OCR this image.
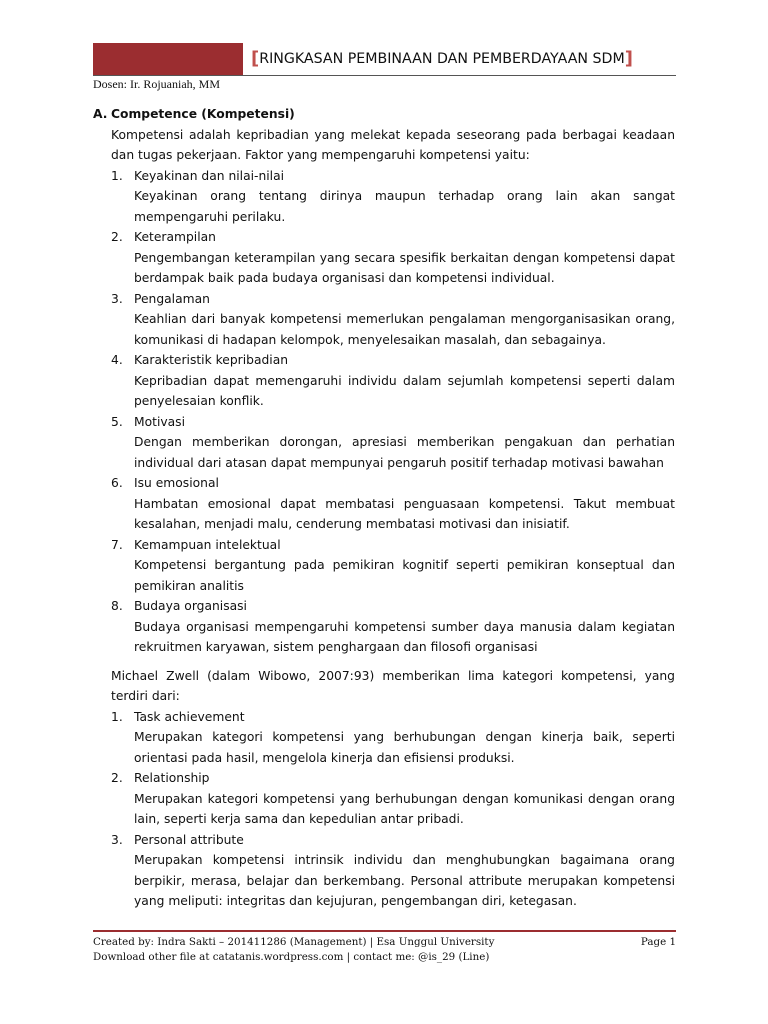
[RINGKASAN PEMBINAAN DAN PEMBERDAYAAN SDM]
Dosen: Ir. Rojuaniah, MM
A. Competence (Kompetensi)
Kompetensi adalah kepribadian yang melekat kepada seseorang pada berbagai keadaan dan tugas pekerjaan. Faktor yang mempengaruhi kompetensi yaitu:
1. Keyakinan dan nilai-nilai
Keyakinan orang tentang dirinya maupun terhadap orang lain akan sangat mempengaruhi perilaku.
2. Keterampilan
Pengembangan keterampilan yang secara spesifik berkaitan dengan kompetensi dapat berdampak baik pada budaya organisasi dan kompetensi individual.
3. Pengalaman
Keahlian dari banyak kompetensi memerlukan pengalaman mengorganisasikan orang, komunikasi di hadapan kelompok, menyelesaikan masalah, dan sebagainya.
4. Karakteristik kepribadian
Kepribadian dapat memengaruhi individu dalam sejumlah kompetensi seperti dalam penyelesaian konflik.
5. Motivasi
Dengan memberikan dorongan, apresiasi memberikan pengakuan dan perhatian individual dari atasan dapat mempunyai pengaruh positif terhadap motivasi bawahan
6. Isu emosional
Hambatan emosional dapat membatasi penguasaan kompetensi. Takut membuat kesalahan, menjadi malu, cenderung membatasi motivasi dan inisiatif.
7. Kemampuan intelektual
Kompetensi bergantung pada pemikiran kognitif seperti pemikiran konseptual dan pemikiran analitis
8. Budaya organisasi
Budaya organisasi mempengaruhi kompetensi sumber daya manusia dalam kegiatan rekruitmen karyawan, sistem penghargaan dan filosofi organisasi
Michael Zwell (dalam Wibowo, 2007:93) memberikan lima kategori kompetensi, yang terdiri dari:
1. Task achievement
Merupakan kategori kompetensi yang berhubungan dengan kinerja baik, seperti orientasi pada hasil, mengelola kinerja dan efisiensi produksi.
2. Relationship
Merupakan kategori kompetensi yang berhubungan dengan komunikasi dengan orang lain, seperti kerja sama dan kepedulian antar pribadi.
3. Personal attribute
Merupakan kompetensi intrinsik individu dan menghubungkan bagaimana orang berpikir, merasa, belajar dan berkembang. Personal attribute merupakan kompetensi yang meliputi: integritas dan kejujuran, pengembangan diri, ketegasan.
Created by: Indra Sakti – 201411286 (Management) | Esa Unggul University	Page 1
Download other file at catatanis.wordpress.com | contact me: @is_29 (Line)
